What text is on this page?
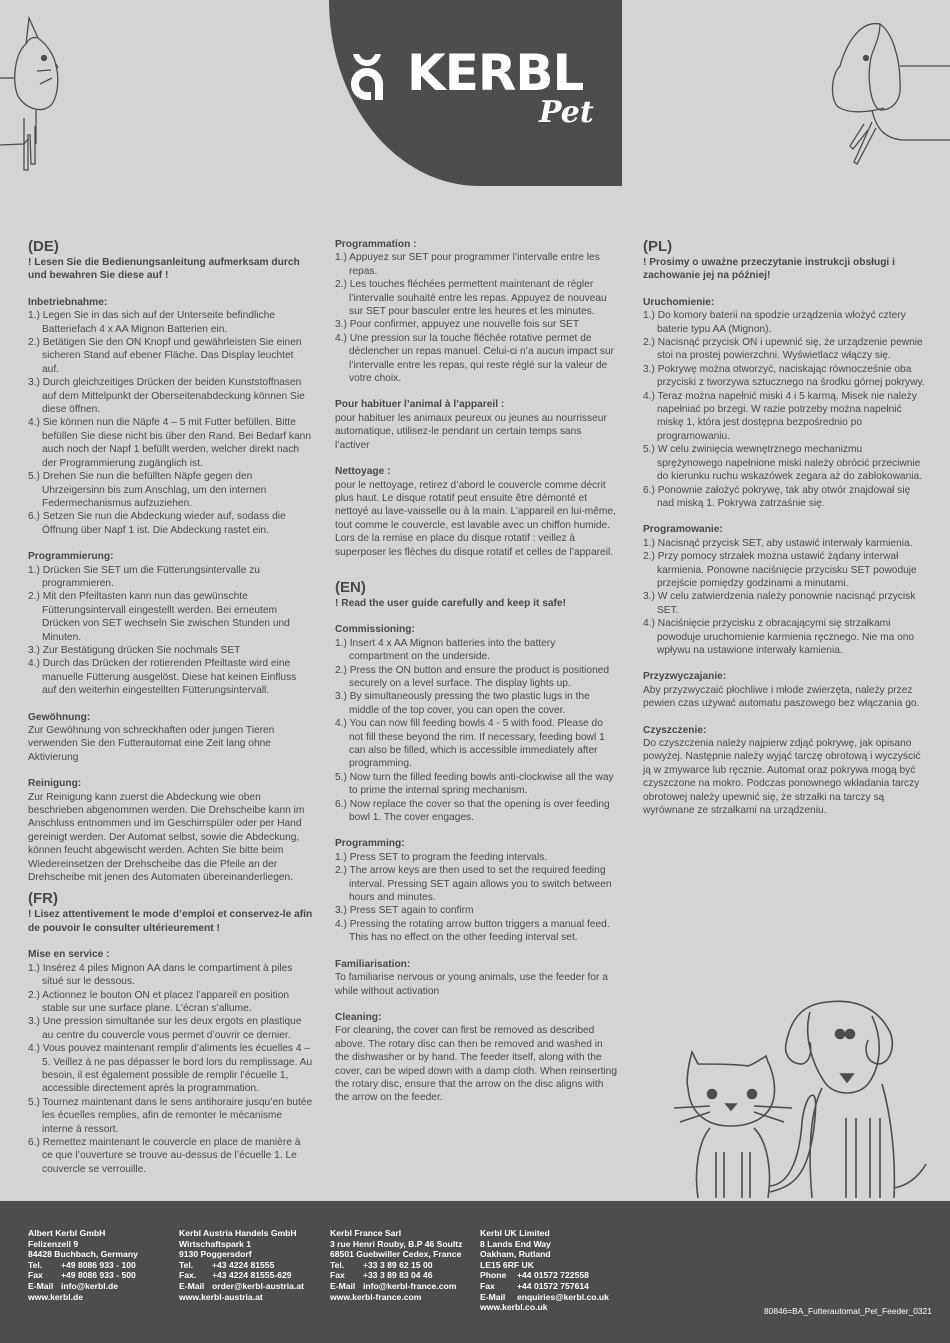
KERBL
Pet
(DE)
! Lesen Sie die Bedienungsanleitung aufmerksam durch und bewahren Sie diese auf !
Inbetriebnahme:
1.) Legen Sie in das sich auf der Unterseite befindliche Batteriefach 4 x AA Mignon Batterien ein.
2.) Betätigen Sie den ON Knopf und gewährleisten Sie einen sicheren Stand auf ebener Fläche. Das Display leuchtet auf.
3.) Durch gleichzeitiges Drücken der beiden Kunststoffnasen auf dem Mittelpunkt der Oberseitenabdeckung können Sie diese öffnen.
4.) Sie können nun die Näpfe 4 – 5 mit Futter befüllen. Bitte befüllen Sie diese nicht bis über den Rand. Bei Bedarf kann auch noch der Napf 1 befüllt werden, welcher direkt nach der Programmierung zugänglich ist.
5.) Drehen Sie nun die befüllten Näpfe gegen den Uhrzeigersinn bis zum Anschlag, um den internen Federmechanismus aufzuziehen.
6.) Setzen Sie nun die Abdeckung wieder auf, sodass die Öffnung über Napf 1 ist. Die Abdeckung rastet ein.
Programmierung:
1.) Drücken Sie SET um die Fütterungsintervalle zu programmieren.
2.) Mit den Pfeiltasten kann nun das gewünschte Fütterungsintervall eingestellt werden. Bei erneutem Drücken von SET wechseln Sie zwischen Stunden und Minuten.
3.) Zur Bestätigung drücken Sie nochmals SET
4.) Durch das Drücken der rotierenden Pfeiltaste wird eine manuelle Fütterung ausgelöst. Diese hat keinen Einfluss auf den weiterhin eingestellten Fütterungsintervall.
Gewöhnung:
Zur Gewöhnung von schreckhaften oder jungen Tieren verwenden Sie den Futterautomat eine Zeit lang ohne Aktivierung
Reinigung:
Zur Reinigung kann zuerst die Abdeckung wie oben beschrieben abgenommen werden. Die Drehscheibe kann im Anschluss entnommen und im Geschirrspüler oder per Hand gereinigt werden. Der Automat selbst, sowie die Abdeckung, können feucht abgewischt werden. Achten Sie bitte beim Wiedereinsetzen der Drehscheibe das die Pfeile an der Drehscheibe mit jenen des Automaten übereinanderliegen.
(FR)
! Lisez attentivement le mode d’emploi et conservez-le afin de pouvoir le consulter ultérieurement !
Mise en service :
1.) Insérez 4 piles Mignon AA dans le compartiment à piles situé sur le dessous.
2.) Actionnez le bouton ON et placez l’appareil en position stable sur une surface plane. L’écran s’allume.
3.) Une pression simultanée sur les deux ergots en plastique au centre du couvercle vous permet d’ouvrir ce dernier.
4.) Vous pouvez maintenant remplir d’aliments les écuelles 4 – 5. Veillez à ne pas dépasser le bord lors du remplissage. Au besoin, il est également possible de remplir l’écuelle 1, accessible directement après la programmation.
5.) Tournez maintenant dans le sens antihoraire jusqu’en butée les écuelles remplies, afin de remonter le mécanisme interne à ressort.
6.) Remettez maintenant le couvercle en place de manière à ce que l’ouverture se trouve au-dessus de l’écuelle 1. Le couvercle se verrouille.
Programmation :
1.) Appuyez sur SET pour programmer l’intervalle entre les repas.
2.) Les touches fléchées permettent maintenant de régler l’intervalle souhaité entre les repas. Appuyez de nouveau sur SET pour basculer entre les heures et les minutes.
3.) Pour confirmer, appuyez une nouvelle fois sur SET
4.) Une pression sur la touche fléchée rotative permet de déclencher un repas manuel. Celui-ci n’a aucun impact sur l’intervalle entre les repas, qui reste réglé sur la valeur de votre choix.
Pour habituer l’animal à l’appareil :
pour habituer les animaux peureux ou jeunes au nourrisseur automatique, utilisez-le pendant un certain temps sans l’activer
Nettoyage :
pour le nettoyage, retirez d’abord le couvercle comme décrit plus haut. Le disque rotatif peut ensuite être démonté et nettoyé au lave-vaisselle ou à la main. L’appareil en lui-même, tout comme le couvercle, est lavable avec un chiffon humide. Lors de la remise en place du disque rotatif : veillez à superposer les flèches du disque rotatif et celles de l’appareil.
(EN)
! Read the user guide carefully and keep it safe!
Commissioning:
1.) Insert 4 x AA Mignon batteries into the battery compartment on the underside.
2.) Press the ON button and ensure the product is positioned securely on a level surface. The display lights up.
3.) By simultaneously pressing the two plastic lugs in the middle of the top cover, you can open the cover.
4.) You can now fill feeding bowls 4 - 5 with food. Please do not fill these beyond the rim. If necessary, feeding bowl 1 can also be filled, which is accessible immediately after programming.
5.) Now turn the filled feeding bowls anti-clockwise all the way to prime the internal spring mechanism.
6.) Now replace the cover so that the opening is over feeding bowl 1. The cover engages.
Programming:
1.) Press SET to program the feeding intervals.
2.) The arrow keys are then used to set the required feeding interval. Pressing SET again allows you to switch between hours and minutes.
3.) Press SET again to confirm
4.) Pressing the rotating arrow button triggers a manual feed. This has no effect on the other feeding interval set.
Familiarisation:
To familiarise nervous or young animals, use the feeder for a while without activation
Cleaning:
For cleaning, the cover can first be removed as described above. The rotary disc can then be removed and washed in the dishwasher or by hand. The feeder itself, along with the cover, can be wiped down with a damp cloth. When reinserting the rotary disc, ensure that the arrow on the disc aligns with the arrow on the feeder.
(PL)
! Prosimy o uważne przeczytanie instrukcji obsługi i zachowanie jej na później!
Uruchomienie:
1.) Do komory baterii na spodzie urządzenia włożyć cztery baterie typu AA (Mignon).
2.) Nacisnąć przycisk ON i upewnić się, że urządzenie pewnie stoi na prostej powierzchni. Wyświetlacz włączy się.
3.) Pokrywę można otworzyć, naciskając równocześnie oba przyciski z tworzywa sztucznego na środku górnej pokrywy.
4.) Teraz można napełnić miski 4 i 5 karmą. Misek nie należy napełniać po brzegi. W razie potrzeby można napełnić miskę 1, która jest dostępna bezpośrednio po programowaniu.
5.) W celu zwinięcia wewnętrznego mechanizmu sprężynowego napełnione miski należy obrócić przeciwnie do kierunku ruchu wskazówek zegara aż do zablokowania.
6.) Ponownie założyć pokrywę, tak aby otwór znajdował się nad miską 1. Pokrywa zatrzaśnie się.
Programowanie:
1.) Nacisnąć przycisk SET, aby ustawić interwały karmienia.
2.) Przy pomocy strzałek można ustawić żądany interwał karmienia. Ponowne naciśnięcie przycisku SET powoduje przejście pomiędzy godzinami a minutami.
3.) W celu zatwierdzenia należy ponownie nacisnąć przycisk SET.
4.) Naciśnięcie przycisku z obracającymi się strzałkami powoduje uruchomienie karmienia ręcznego. Nie ma ono wpływu na ustawione interwały kamienia.
Przyzwyczajanie:
Aby przyzwyczaić płochliwe i młode zwierzęta, należy przez pewien czas używać automatu paszowego bez włączania go.
Czyszczenie:
Do czyszczenia należy najpierw zdjąć pokrywę, jak opisano powyżej. Następnie należy wyjąć tarczę obrotową i wyczyścić ją w zmywarce lub ręcznie. Automat oraz pokrywa mogą być czyszczone na mokro. Podczas ponownego wkładania tarczy obrotowej należy upewnić się, że strzałki na tarczy są wyrównane ze strzałkami na urządzeniu.
Albert Kerbl GmbH
Felizenzell 9
84428 Buchbach, Germany
Tel.	+49 8086 933 - 100
Fax	+49 8086 933 - 500
E-Mail info@kerbl.de
www.kerbl.de
Kerbl Austria Handels GmbH
Wirtschaftspark 1
9130 Poggersdorf
Tel.	+43 4224 81555
Fax.	+43 4224 81555-629
E-Mail order@kerbl-austria.at
www.kerbl-austria.at
Kerbl France Sarl
3 rue Henri Rouby, B.P 46 Soultz
68501 Guebwiller Cedex, France
Tel.	+33 3 89 62 15 00
Fax	+33 3 89 83 04 46
E-Mail info@kerbl-france.com
www.kerbl-france.com
Kerbl UK Limited
8 Lands End Way
Oakham, Rutland
LE15 6RF UK
Phone	+44 01572 722558
Fax	+44 01572 757614
E-Mail	enquiries@kerbl.co.uk
www.kerbl.co.uk	80846=BA_Futterautomat_Pet_Feeder_0321
